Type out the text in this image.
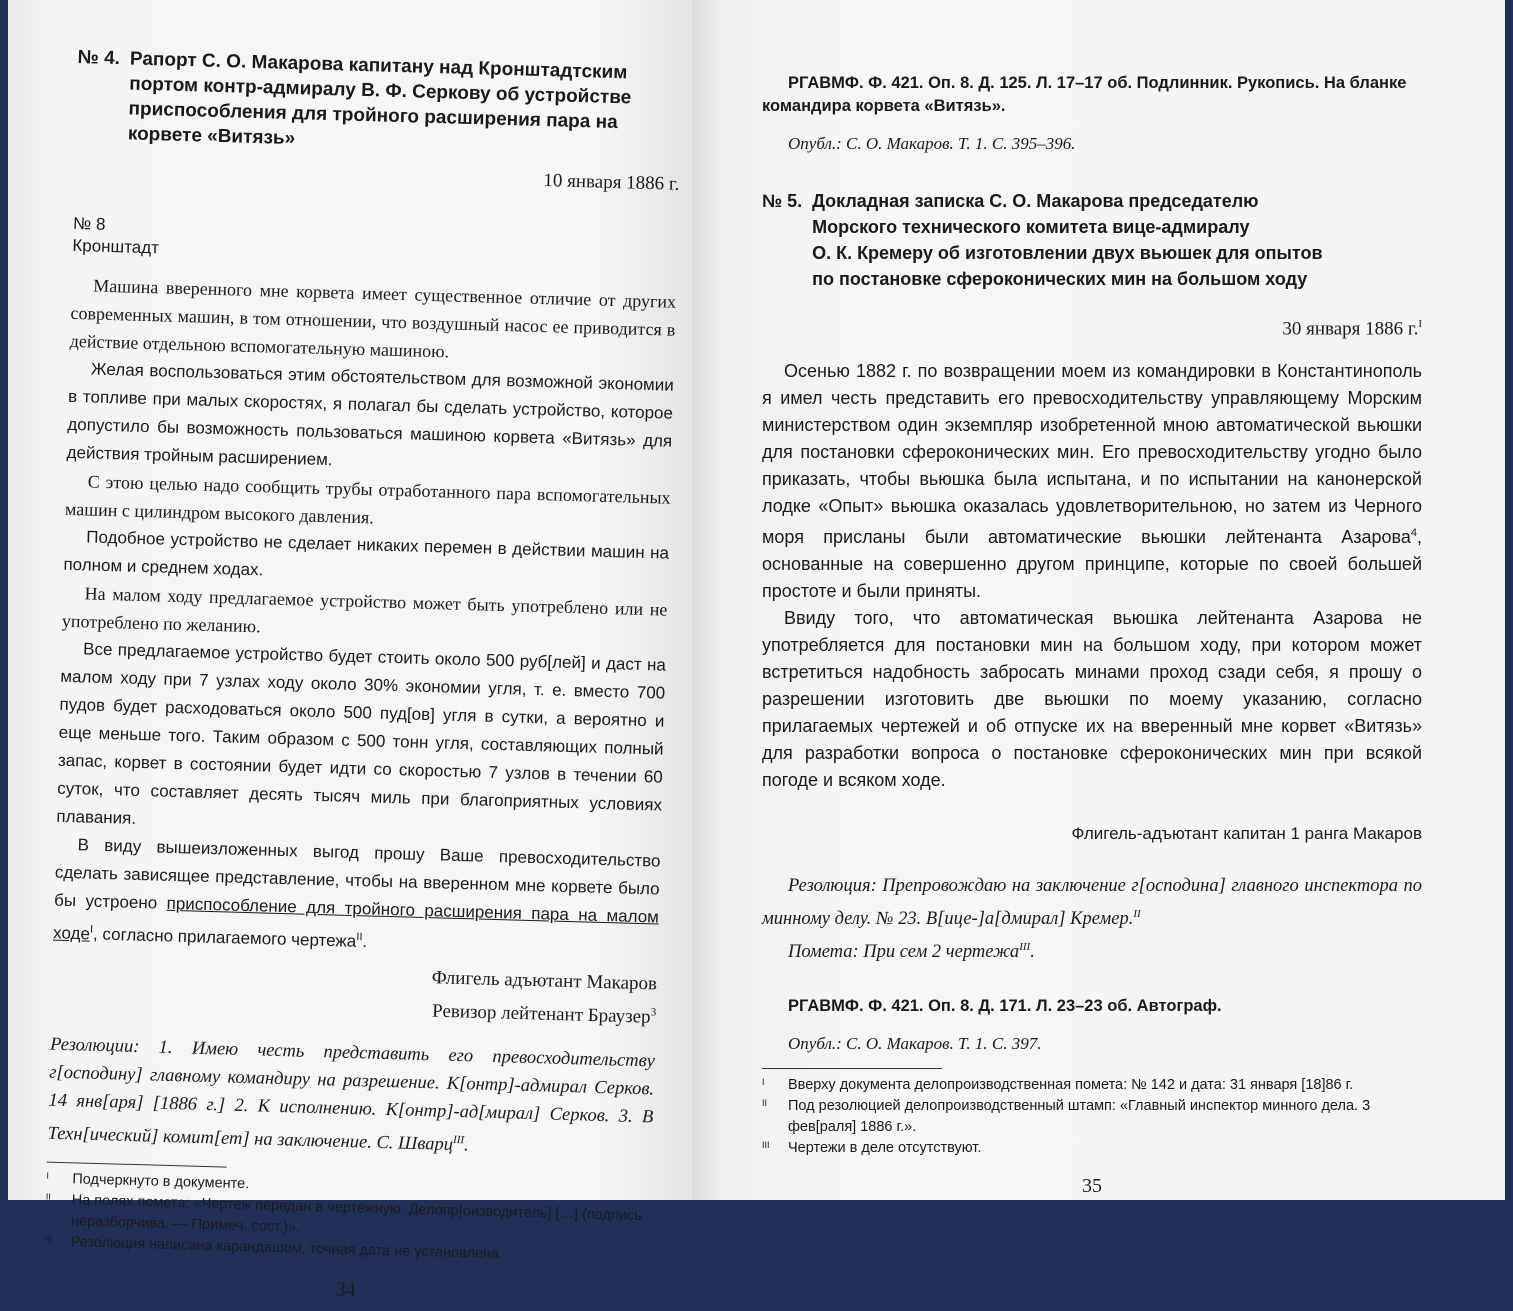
№ 4. Рапорт С. О. Макарова капитану над Кронштадтским портом контр-адмиралу В. Ф. Серкову об устройстве приспособления для тройного расширения пара на корвете «Витязь»
10 января 1886 г.
№ 8
Кронштадт

Машина вверенного мне корвета имеет существенное отличие от других современных машин, в том отношении, что воздушный насос ее приводится в действие отдельною вспомогательную машиною.

Желая воспользоваться этим обстоятельством для возможной экономии в топливе при малых скоростях, я полагал бы сделать устройство, которое допустило бы возможность пользоваться машиною корвета «Витязь» для действия тройным расширением.

С этою целью надо сообщить трубы отработанного пара вспомогательных машин с цилиндром высокого давления.

Подобное устройство не сделает никаких перемен в действии машин на полном и среднем ходах.

На малом ходу предлагаемое устройство может быть употреблено или не употреблено по желанию.

Все предлагаемое устройство будет стоить около 500 руб[лей] и даст на малом ходу при 7 узлах ходу около 30% экономии угля, т. е. вместо 700 пудов будет расходоваться около 500 пуд[ов] угля в сутки, а вероятно и еще меньше того. Таким образом с 500 тонн угля, составляющих полный запас, корвет в состоянии будет идти со скоростью 7 узлов в течении 60 суток, что составляет десять тысяч миль при благоприятных условиях плавания.

В виду вышеизложенных выгод прошу Ваше превосходительство сделать зависящее представление, чтобы на вверенном мне корвете было бы устроено приспособление для тройного расширения пара на малом ходе$^I$, согласно прилагаемого чертежа$^{II}$.

Флигель адъютант Макаров
Ревизор лейтенант Браузер$^3$
Резолюции: 1. Имею честь представить его превосходительству г[осподину] главному командиру на разрешение. К[онтр]-адмирал Серков. 14 янв[аря] [1886 г.] 2. К исполнению. К[онтр]-ад[мирал] Серков. 3. В Техн[ический] комит[ет] на заключение. С. Шварц$^{III}$.
I	Подчеркнуто в документе.
II	На полях помета: «Чертеж передан в чертежную. Делопр[оизводитель] […] (подпись неразборчива. — Примеч. сост.)».
III	Резолюция написана карандашом, точная дата не установлена.
34
РГАВМФ. Ф. 421. Оп. 8. Д. 125. Л. 17–17 об. Подлинник. Рукопись. На бланке командира корвета «Витязь».
Опубл.: С. О. Макаров. Т. 1. С. 395–396.
№ 5. Докладная записка С. О. Макарова председателю
Морского технического комитета вице-адмиралу
О. К. Кремеру об изготовлении двух вьюшек для опытов
по постановке сфероконических мин на большом ходу
30 января 1886 г.$^I$

Осенью 1882 г. по возвращении моем из командировки в Константинополь я имел честь представить его превосходительству управляющему Морским министерством один экземпляр изобретенной мною автоматической вьюшки для постановки сфероконических мин. Его превосходительству угодно было приказать, чтобы вьюшка была испытана, и по испытании на канонерской лодке «Опыт» вьюшка оказалась удовлетворительною, но затем из Черного моря присланы были автоматические вьюшки лейтенанта Азарова$^4$, основанные на совершенно другом принципе, которые по своей большей простоте и были приняты.

Ввиду того, что автоматическая вьюшка лейтенанта Азарова не употребляется для постановки мин на большом ходу, при котором может встретиться надобность забросать минами проход сзади себя, я прошу о разрешении изготовить две вьюшки по моему указанию, согласно прилагаемых чертежей и об отпуске их на вверенный мне корвет «Витязь» для разработки вопроса о постановке сфероконических мин при всякой погоде и всяком ходе.

Флигель-адъютант капитан 1 ранга Макаров
Резолюция: Препровождаю на заключение г[осподина] главного инспектора по минному делу. № 23. В[ице-]а[дмирал] Кремер.$^{II}$
Помета: При сем 2 чертежа$^{III}$.
РГАВМФ. Ф. 421. Оп. 8. Д. 171. Л. 23–23 об. Автограф.
Опубл.: С. О. Макаров. Т. 1. С. 397.
I	Вверху документа делопроизводственная помета: № 142 и дата: 31 января [18]86 г.
II	Под резолюцией делопроизводственный штамп: «Главный инспектор минного дела. 3 фев[раля] 1886 г.».
III	Чертежи в деле отсутствуют.
35
